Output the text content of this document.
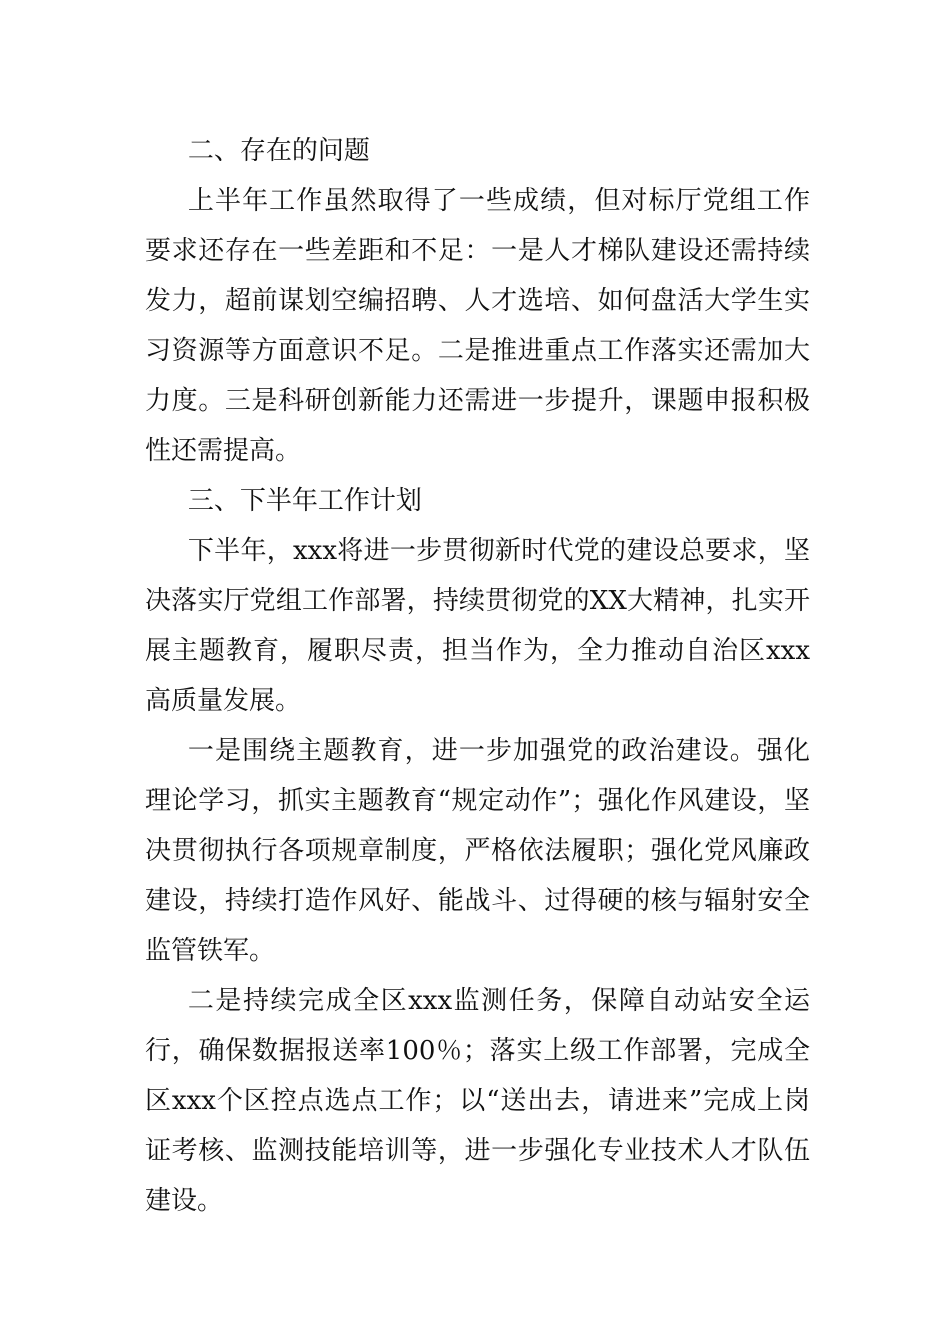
二、存在的问题

上半年工作虽然取得了一些成绩，但对标厅党组工作要求还存在一些差距和不足：一是人才梯队建设还需持续发力，超前谋划空编招聘、人才选培、如何盘活大学生实习资源等方面意识不足。二是推进重点工作落实还需加大力度。三是科研创新能力还需进一步提升，课题申报积极性还需提高。

三、下半年工作计划

下半年，xxx将进一步贯彻新时代党的建设总要求，坚决落实厅党组工作部署，持续贯彻党的XX大精神，扎实开展主题教育，履职尽责，担当作为，全力推动自治区xxx高质量发展。

一是围绕主题教育，进一步加强党的政治建设。强化理论学习，抓实主题教育“规定动作”；强化作风建设，坚决贯彻执行各项规章制度，严格依法履职；强化党风廉政建设，持续打造作风好、能战斗、过得硬的核与辐射安全监管铁军。

二是持续完成全区xxx监测任务，保障自动站安全运行，确保数据报送率100％；落实上级工作部署，完成全区xxx个区控点选点工作；以“送出去，请进来”完成上岗证考核、监测技能培训等，进一步强化专业技术人才队伍建设。
